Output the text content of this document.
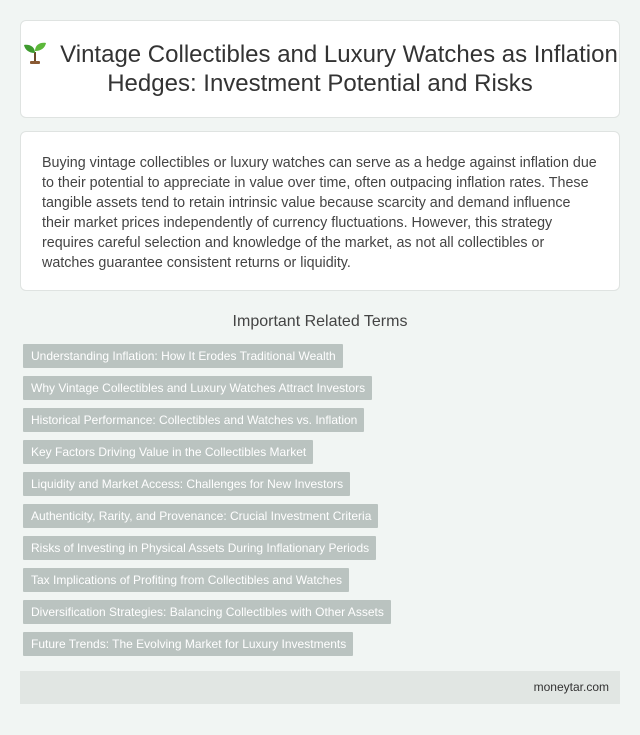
Vintage Collectibles and Luxury Watches as Inflation Hedges: Investment Potential and Risks

Buying vintage collectibles or luxury watches can serve as a hedge against inflation due to their potential to appreciate in value over time, often outpacing inflation rates. These tangible assets tend to retain intrinsic value because scarcity and demand influence their market prices independently of currency fluctuations. However, this strategy requires careful selection and knowledge of the market, as not all collectibles or watches guarantee consistent returns or liquidity.

Important Related Terms
Understanding Inflation: How It Erodes Traditional Wealth
Why Vintage Collectibles and Luxury Watches Attract Investors
Historical Performance: Collectibles and Watches vs. Inflation
Key Factors Driving Value in the Collectibles Market
Liquidity and Market Access: Challenges for New Investors
Authenticity, Rarity, and Provenance: Crucial Investment Criteria
Risks of Investing in Physical Assets During Inflationary Periods
Tax Implications of Profiting from Collectibles and Watches
Diversification Strategies: Balancing Collectibles with Other Assets
Future Trends: The Evolving Market for Luxury Investments
moneytar.com
